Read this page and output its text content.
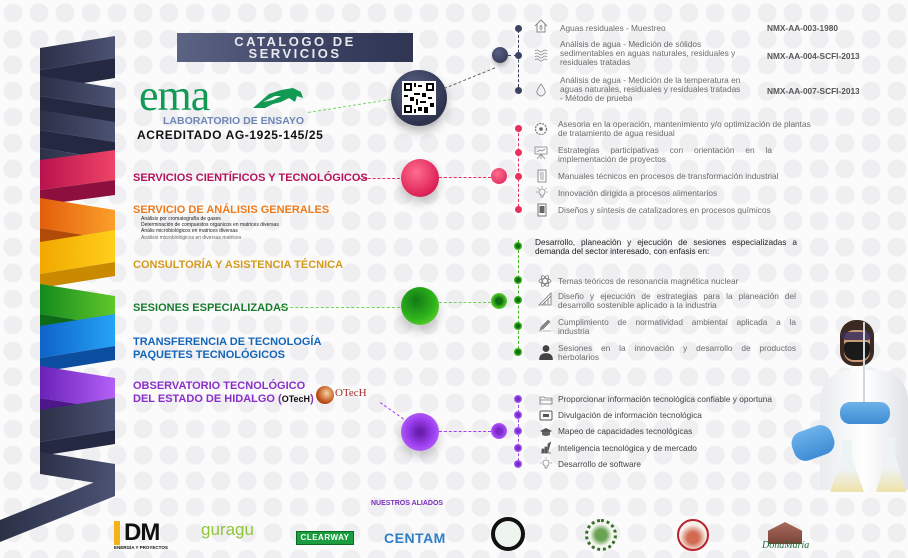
CATALOGO DE
SERVICIOS
ema
LABORATORIO DE ENSAYO
ACREDITADO AG-1925-145/25
Aguas residuales - Muestreo	NMX-AA-003-1980
Análisis de agua - Medición de sólidos
sedimentables en aguas naturales, residuales y
residuales tratadas
NMX-AA-004-SCFI-2013
Análisis de agua - Medición de la temperatura en
aguas naturales, residuales y residuales tratadas
- Método de prueba
NMX-AA-007-SCFI-2013
Asesoria en la operación, mantenimiento y/o optimización de plantas
de tratamiento de agua residual
Estrategias participativas con orientación en la
implementación de proyectos
Manuales técnicos en procesos de transformación industrial
Innovación dirigida a procesos alimentarios
Diseños y síntesis de catalizadores en procesos químicos
SERVICIOS CIENTÍFICOS Y TECNOLÓGICOS
SERVICIO DE ANÁLISIS GENERALES
Análisis por cromatografía de gases
Determinación de compuestos organicos en matrices diversas
Anális microbiológicos en matrices diversas
Análisis microbiológicos en diversas matrices
CONSULTORÍA Y ASISTENCIA TÉCNICA
SESIONES ESPECIALIZADAS
TRANSFERENCIA DE TECNOLOGÍA
PAQUETES TECNOLÓGICOS
OBSERVATORIO TECNOLÓGICO
DEL ESTADO DE HIDALGO (OTecH) OTecH
Desarrollo, planeación y ejecución de sesiones especializadas a
demanda del sector interesado, con enfasis en:
Temas teóricos de resonancia magnética nuclear
Diseño y ejecución de estrategias para la planeación del
desarrollo sostenible aplicado a la industria
Cumplimiento de normatividad ambiental aplicada a la
industria
Sesiones en la innovación y desarrollo de productos
herbolarios
Proporcionar información tecnológica confiable y oportuna
Divulgación de información tecnológica
Mapeo de capacidades tecnológicas
Inteligencia tecnológica y de mercado
Desarrollo de software
NUESTROS ALIADOS
DM
ENERGÍA Y PROYECTOS
guragu	CLEARWAY CENTAM	DoñaMaría
